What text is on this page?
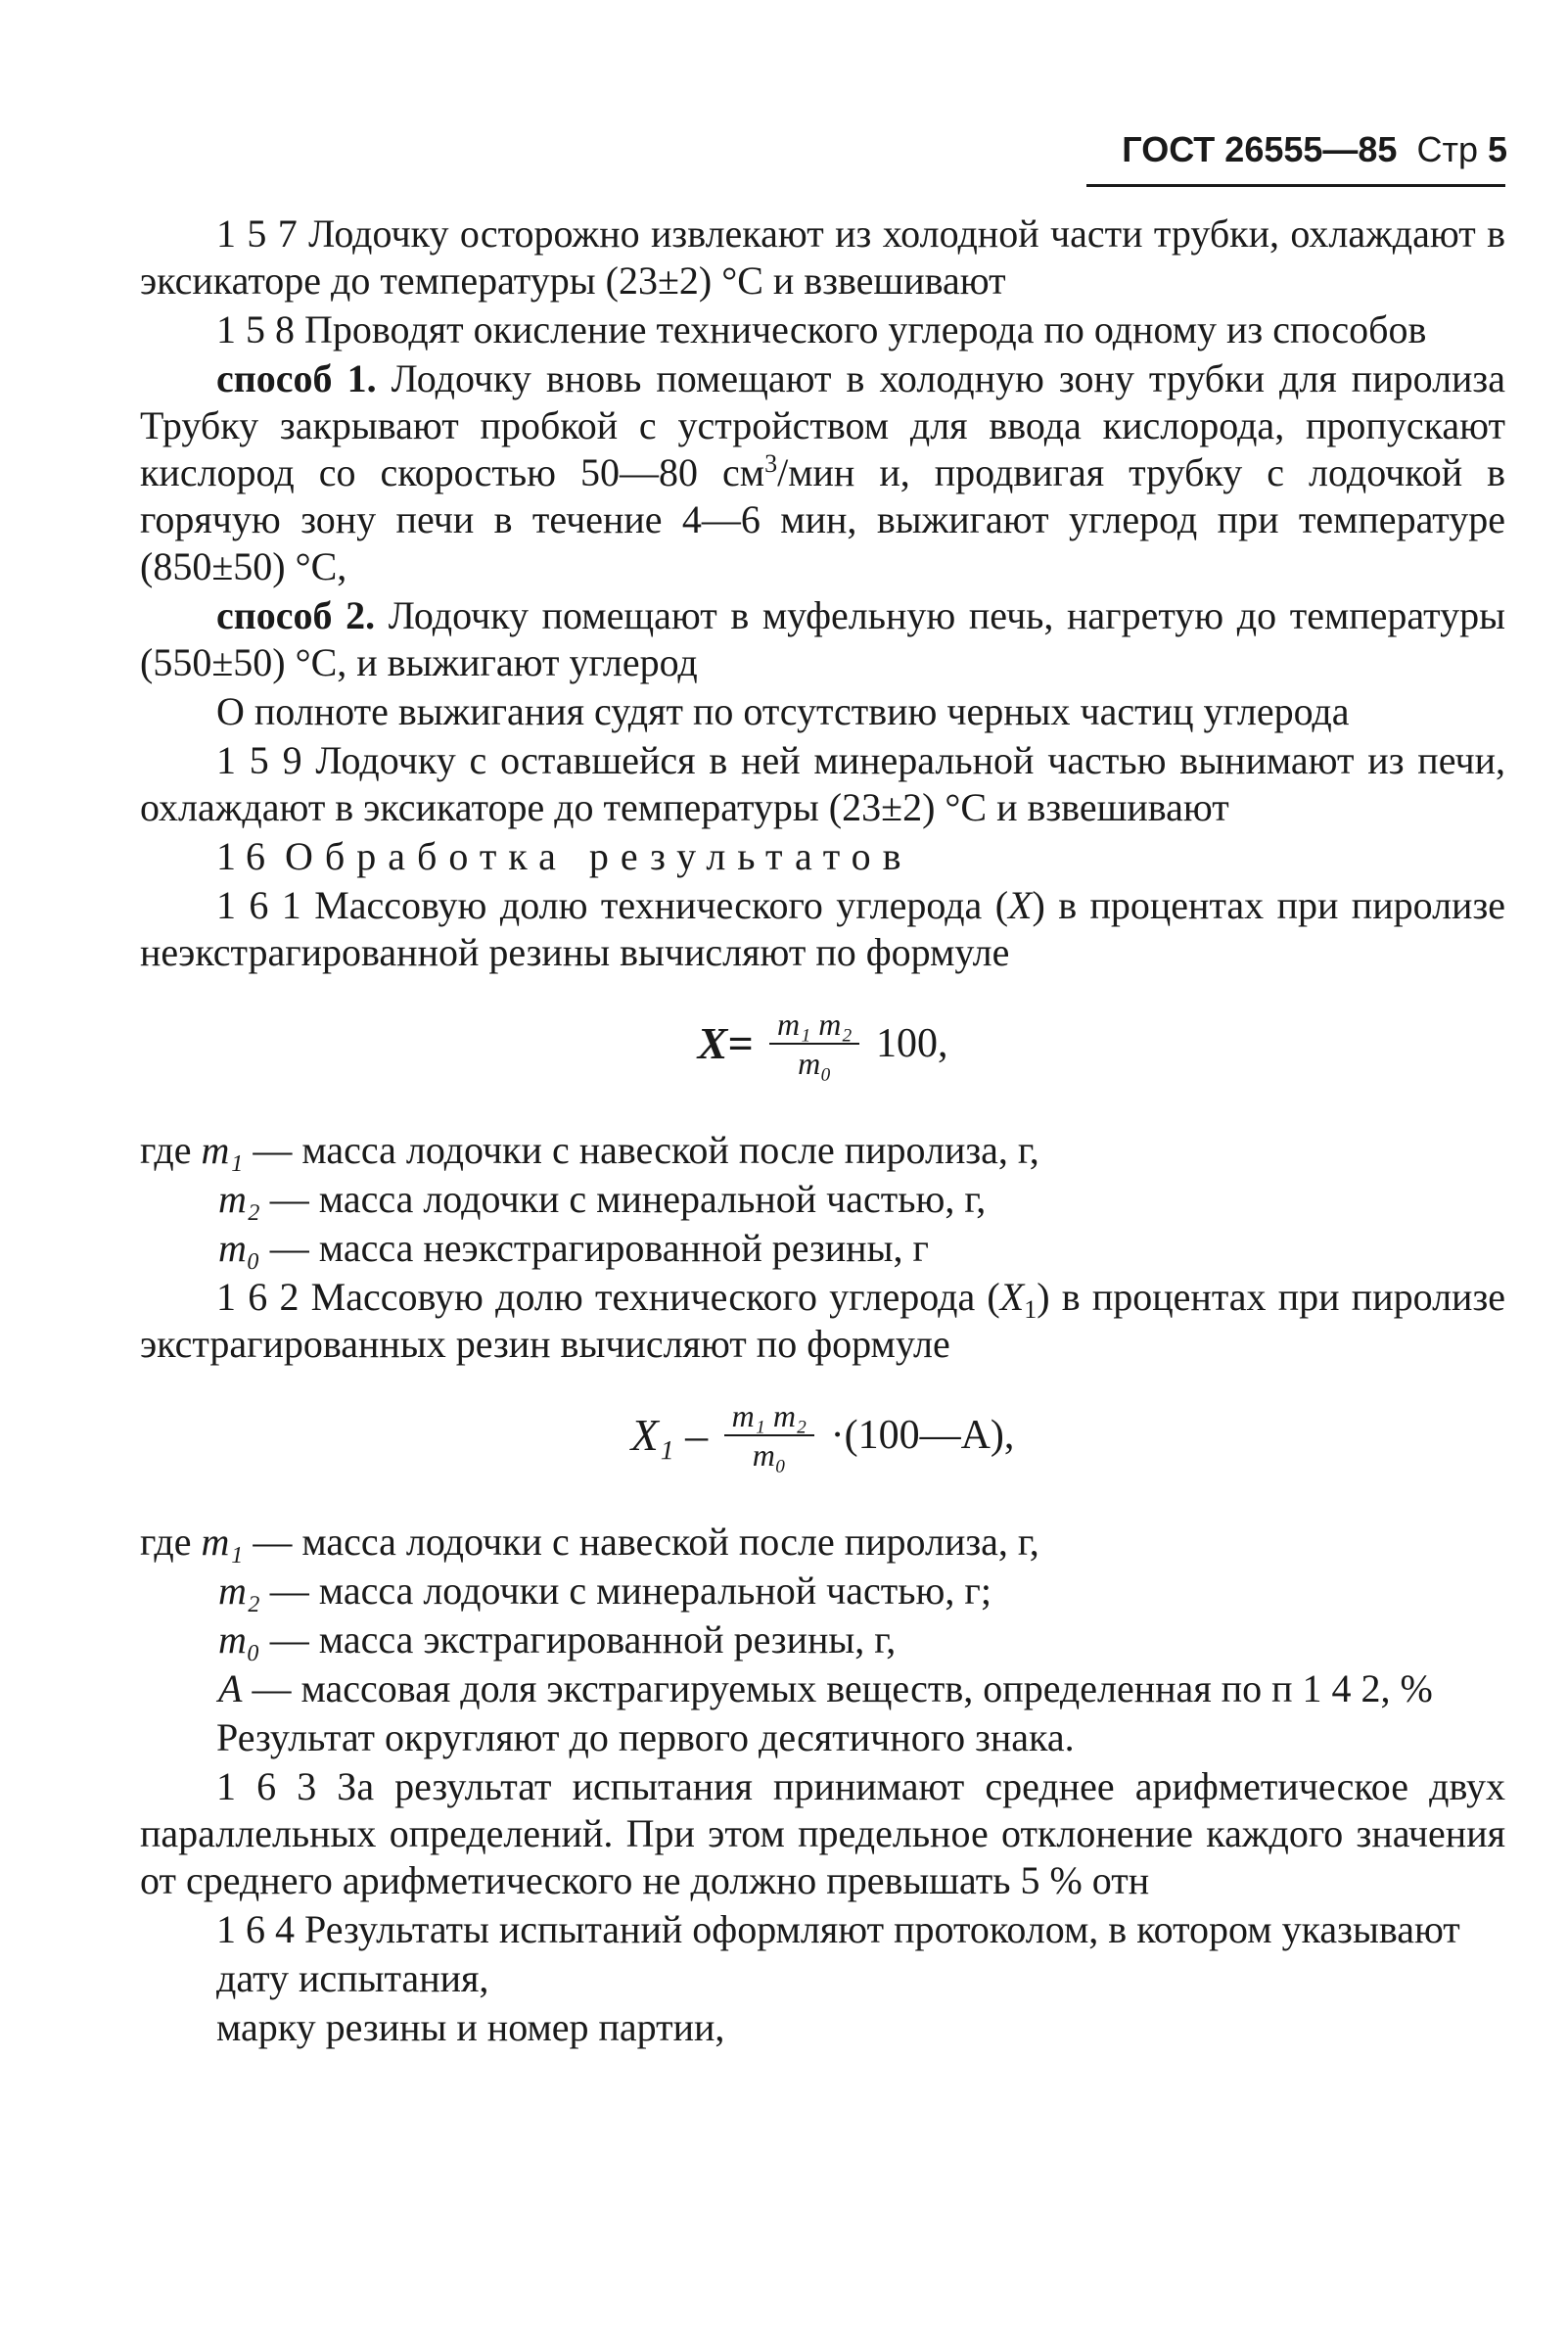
ГОСТ 26555—85 Стр 5

1 5 7 Лодочку осторожно извлекают из холодной части трубки, охлаждают в эксикаторе до температуры (23±2) °С и взвешивают

1 5 8 Проводят окисление технического углерода по одному из способов

способ 1. Лодочку вновь помещают в холодную зону трубки для пиролиза Трубку закрывают пробкой с устройством для ввода кислорода, пропускают кислород со скоростью 50—80 $см^3$/мин и, продвигая трубку с лодочкой в горячую зону печи в течение 4—6 мин, выжигают углерод при температуре (850±50) °С,

способ 2. Лодочку помещают в муфельную печь, нагретую до температуры (550±50) °С, и выжигают углерод

О полноте выжигания судят по отсутствию черных частиц углерода

1 5 9 Лодочку с оставшейся в ней минеральной частью вынимают из печи, охлаждают в эксикаторе до температуры (23±2) °С и взвешивают

1 6 Обработка результатов

1 6 1 Массовую долю технического углерода (X) в процентах при пиролизе неэкстрагированной резины вычисляют по формуле

$X= \frac{\text{m₁ m₂}}{\text{m₀}} 100$,

где m₁ — масса лодочки с навеской после пиролиза, г,

m₂ — масса лодочки с минеральной частью, г,

m₀ — масса неэкстрагированной резины, г

1 6 2 Массовую долю технического углерода $(X_1)$ в процентах при пиролизе экстрагированных резин вычисляют по формуле

$X_1 - \frac{\text{m₁ m₂}}{\text{m₀}}$ ·(100—A),

где m₁ — масса лодочки с навеской после пиролиза, г,

m₂ — масса лодочки с минеральной частью, г;

m₀ — масса экстрагированной резины, г,

A — массовая доля экстрагируемых веществ, определенная по п 1 4 2, %

Результат округляют до первого десятичного знака.

1 6 3 За результат испытания принимают среднее арифметическое двух параллельных определений. При этом предельное отклонение каждого значения от среднего арифметического не должно превышать 5 % отн

1 6 4 Результаты испытаний оформляют протоколом, в котором указывают

дату испытания,

марку резины и номер партии,
